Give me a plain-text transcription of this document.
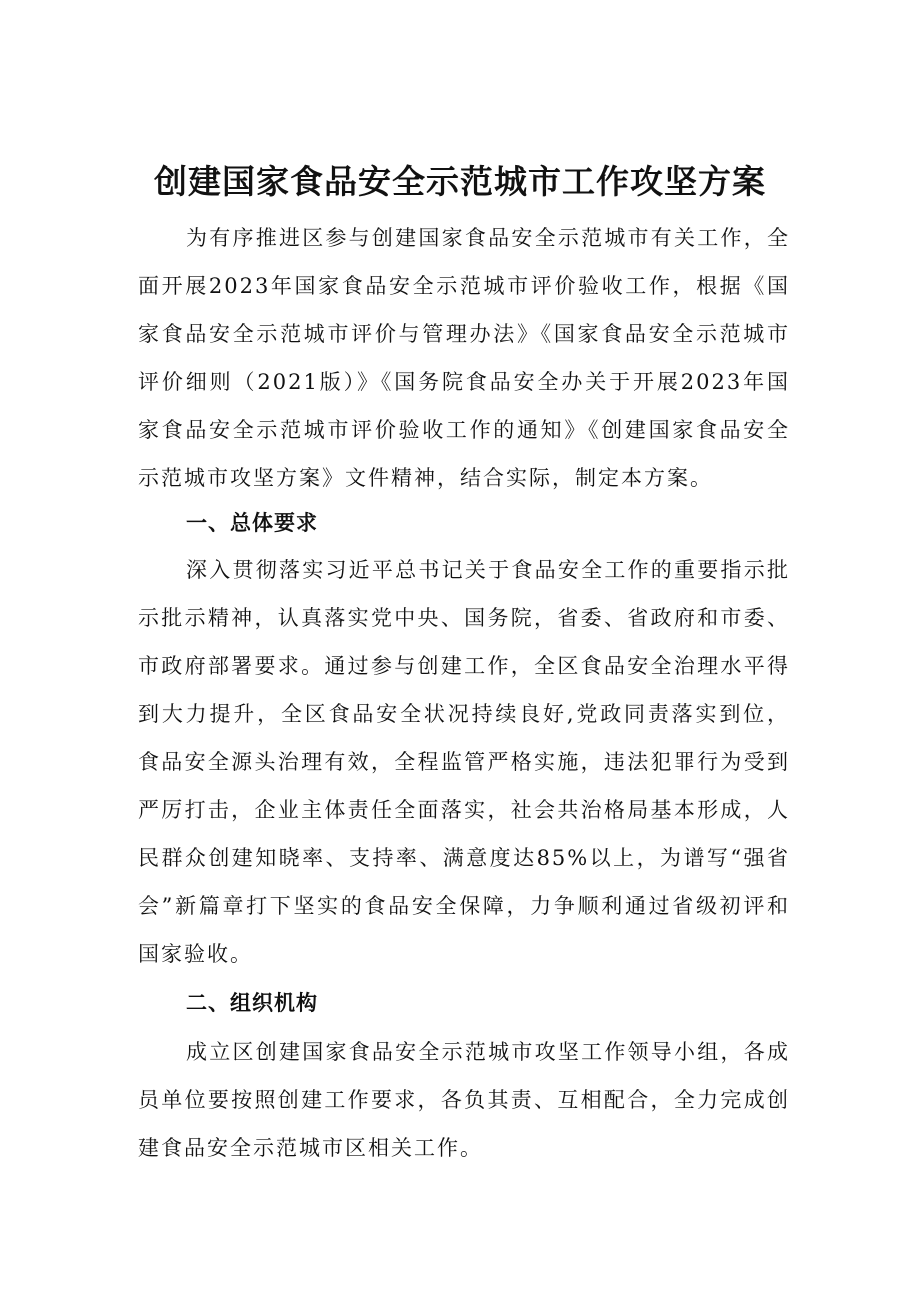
创建国家食品安全示范城市工作攻坚方案

为有序推进区参与创建国家食品安全示范城市有关工作，全面开展2023年国家食品安全示范城市评价验收工作，根据《国家食品安全示范城市评价与管理办法》《国家食品安全示范城市评价细则（2021版）》《国务院食品安全办关于开展2023年国家食品安全示范城市评价验收工作的通知》《创建国家食品安全示范城市攻坚方案》文件精神，结合实际，制定本方案。

一、总体要求

深入贯彻落实习近平总书记关于食品安全工作的重要指示批示批示精神，认真落实党中央、国务院，省委、省政府和市委、市政府部署要求。通过参与创建工作，全区食品安全治理水平得到大力提升，全区食品安全状况持续良好,党政同责落实到位，食品安全源头治理有效，全程监管严格实施，违法犯罪行为受到严厉打击，企业主体责任全面落实，社会共治格局基本形成，人民群众创建知晓率、支持率、满意度达85%以上，为谱写“强省会”新篇章打下坚实的食品安全保障，力争顺利通过省级初评和国家验收。

二、组织机构

成立区创建国家食品安全示范城市攻坚工作领导小组，各成员单位要按照创建工作要求，各负其责、互相配合，全力完成创建食品安全示范城市区相关工作。
